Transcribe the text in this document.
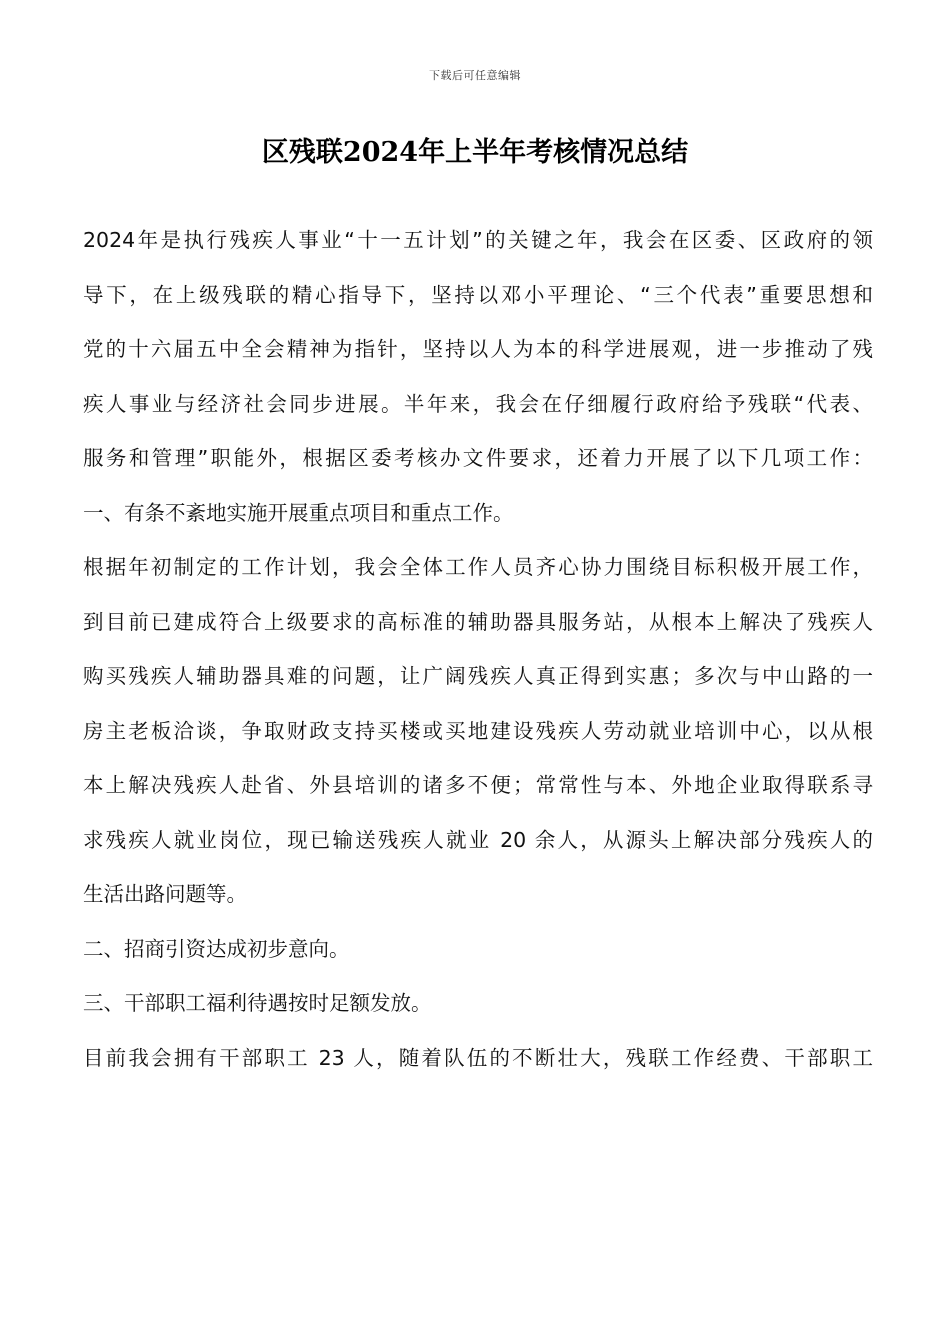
下载后可任意编辑
区残联2024年上半年考核情况总结
2024年是执行残疾人事业“十一五计划”的关键之年，我会在区委、区政府的领
导下，在上级残联的精心指导下，坚持以邓小平理论、“三个代表”重要思想和
党的十六届五中全会精神为指针，坚持以人为本的科学进展观，进一步推动了残
疾人事业与经济社会同步进展。半年来，我会在仔细履行政府给予残联“代表、
服务和管理”职能外，根据区委考核办文件要求，还着力开展了以下几项工作：
一、有条不紊地实施开展重点项目和重点工作。
根据年初制定的工作计划，我会全体工作人员齐心协力围绕目标积极开展工作，
到目前已建成符合上级要求的高标准的辅助器具服务站，从根本上解决了残疾人
购买残疾人辅助器具难的问题，让广阔残疾人真正得到实惠；多次与中山路的一
房主老板洽谈，争取财政支持买楼或买地建设残疾人劳动就业培训中心，以从根
本上解决残疾人赴省、外县培训的诸多不便；常常性与本、外地企业取得联系寻
求残疾人就业岗位，现已输送残疾人就业 20 余人，从源头上解决部分残疾人的
生活出路问题等。
二、招商引资达成初步意向。
三、干部职工福利待遇按时足额发放。
目前我会拥有干部职工 23 人，随着队伍的不断壮大，残联工作经费、干部职工
